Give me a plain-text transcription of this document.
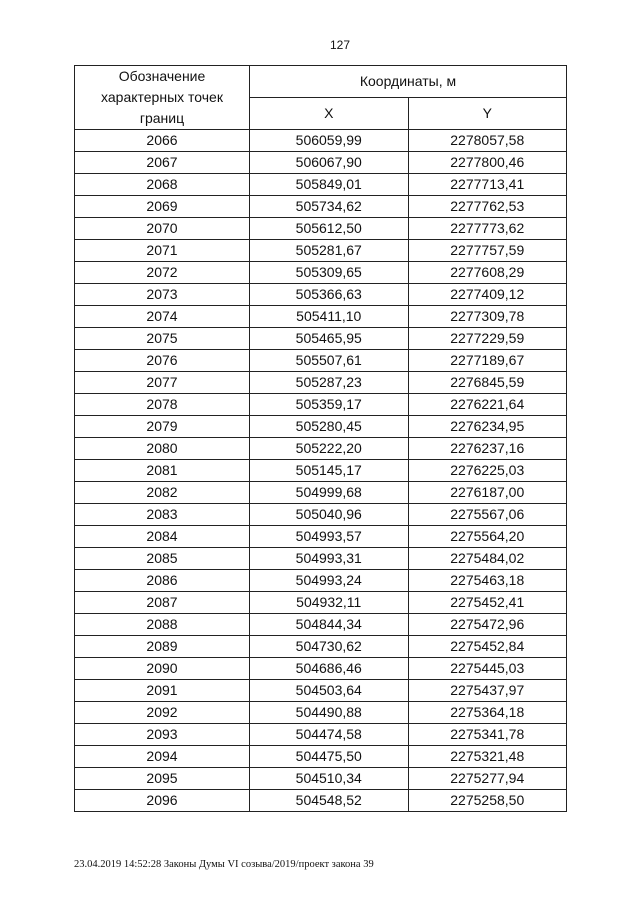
127
Обозначение
характерных точек
границ	Координаты, м	
	X	Y
2066	506059,99	2278057,58
2067	506067,90	2277800,46
2068	505849,01	2277713,41
2069	505734,62	2277762,53
2070	505612,50	2277773,62
2071	505281,67	2277757,59
2072	505309,65	2277608,29
2073	505366,63	2277409,12
2074	505411,10	2277309,78
2075	505465,95	2277229,59
2076	505507,61	2277189,67
2077	505287,23	2276845,59
2078	505359,17	2276221,64
2079	505280,45	2276234,95
2080	505222,20	2276237,16
2081	505145,17	2276225,03
2082	504999,68	2276187,00
2083	505040,96	2275567,06
2084	504993,57	2275564,20
2085	504993,31	2275484,02
2086	504993,24	2275463,18
2087	504932,11	2275452,41
2088	504844,34	2275472,96
2089	504730,62	2275452,84
2090	504686,46	2275445,03
2091	504503,64	2275437,97
2092	504490,88	2275364,18
2093	504474,58	2275341,78
2094	504475,50	2275321,48
2095	504510,34	2275277,94
2096	504548,52	2275258,50
23.04.2019 14:52:28 Законы Думы VI созыва/2019/проект закона 39
